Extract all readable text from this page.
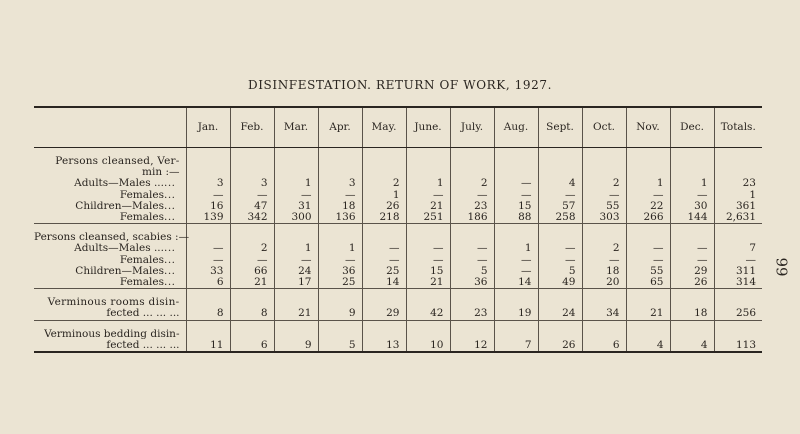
DISINFESTATION. RETURN OF WORK, 1927.
99
	Jan.	Feb.	Mar.	Apr.	May.	June.	July.	Aug.	Sept.	Oct.	Nov.	Dec.	Totals.
Persons cleansed, Ver-													
min :—													
Adults—Males ... ...	3	3	1	3	2	1	2	—	4	2	1	1	23
Females ...	—	—	—	—	1	—	—	—	—	—	—	—	1
Children—Males ...	16	47	31	18	26	21	23	15	57	55	22	30	361
Females ...	139	342	300	136	218	251	186	88	258	303	266	144	2,631
Persons cleansed, scabies :—													
Adults—Males ... ...	—	2	1	1	—	—	—	1	—	2	—	—	7
Females ...	—	—	—	—	—	—	—	—	—	—	—	—	—
Children—Males ...	33	66	24	36	25	15	5	—	5	18	55	29	311
Females ...	6	21	17	25	14	21	36	14	49	20	65	26	314
Verminous rooms disin-													
fected ... ... ...	8	8	21	9	29	42	23	19	24	34	21	18	256
Verminous bedding disin-													
fected ... ... ...	11	6	9	5	13	10	12	7	26	6	4	4	113
